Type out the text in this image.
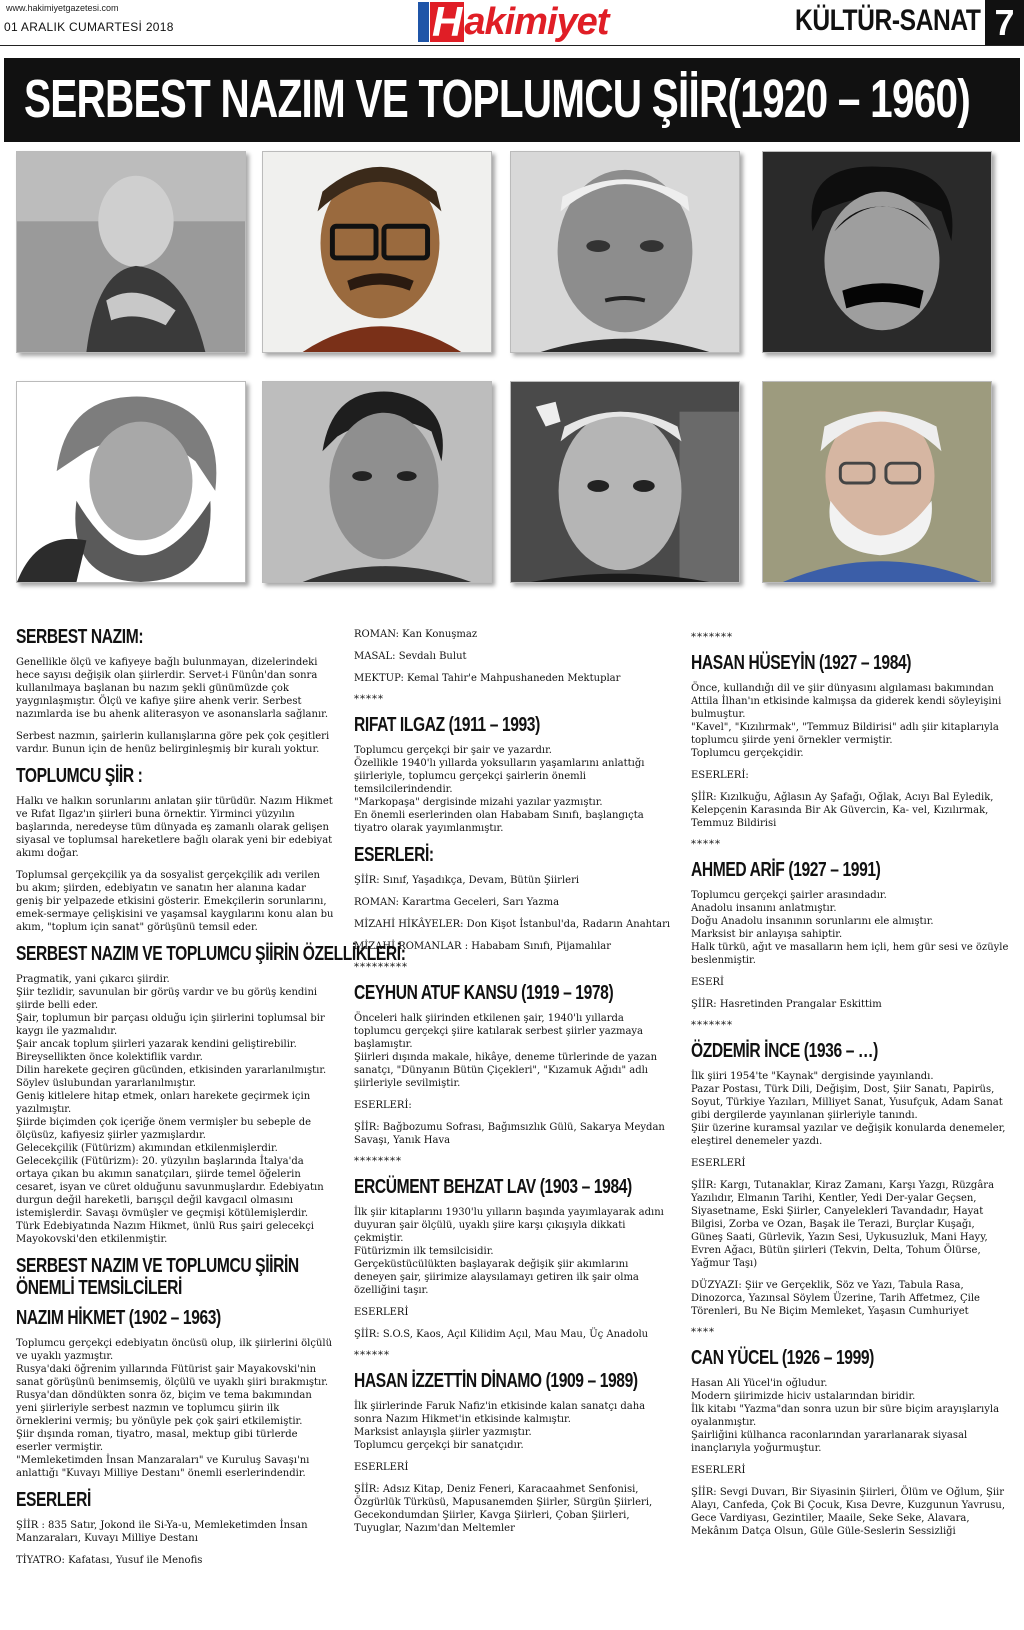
www.hakimiyetgazetesi.com
01 ARALIK CUMARTESİ 2018	H akimiyet	KÜLTÜR-SANAT 7
SERBEST NAZIM VE TOPLUMCU ŞİİR(1920 – 1960)
SERBEST NAZIM:
Genellikle ölçü ve kafiyeye bağlı bulunmayan, dizelerindeki hece sayısı değişik olan şiirlerdir. Servet-i Fünûn'dan sonra kullanılmaya başlanan bu nazım şekli günümüzde çok yaygınlaşmıştır. Ölçü ve kafiye şiire ahenk verir. Serbest nazımlarda ise bu ahenk aliterasyon ve asonanslarla sağlanır.
Serbest nazmın, şairlerin kullanışlarına göre pek çok çeşitleri vardır. Bunun için de henüz belirginleşmiş bir kuralı yoktur.
TOPLUMCU ŞİİR :
Halkı ve halkın sorunlarını anlatan şiir türüdür. Nazım Hikmet ve Rıfat Ilgaz'ın şiirleri buna örnektir. Yirminci yüzyılın başlarında, neredeyse tüm dünyada eş zamanlı olarak gelişen siyasal ve toplumsal hareketlere bağlı olarak yeni bir edebiyat akımı doğar.
Toplumsal gerçekçilik ya da sosyalist gerçekçilik adı verilen bu akım; şiirden, edebiyatın ve sanatın her alanına kadar geniş bir yelpazede etkisini gösterir. Emekçilerin sorunlarını, emek-sermaye çelişkisini ve yaşamsal kaygılarını konu alan bu akım, "toplum için sanat" görüşünü temsil eder.
SERBEST NAZIM VE TOPLUMCU ŞİİRİN ÖZELLİKLERİ:
Pragmatik, yani çıkarcı şiirdir.
Şiir tezlidir, savunulan bir görüş vardır ve bu görüş kendini şiirde belli eder.
Şair, toplumun bir parçası olduğu için şiirlerini toplumsal bir kaygı ile yazmalıdır.
Şair ancak toplum şiirleri yazarak kendini geliştirebilir.
Bireysellikten önce kolektiflik vardır.
Dilin harekete geçiren gücünden, etkisinden yararlanılmıştır.
Söylev üslubundan yararlanılmıştır.
Geniş kitlelere hitap etmek, onları harekete geçirmek için yazılmıştır.
Şiirde biçimden çok içeriğe önem vermişler bu sebeple de ölçüsüz, kafiyesiz şiirler yazmışlardır.
Gelecekçilik (Fütürizm) akımından etkilenmişlerdir.
Gelecekçilik (Fütürizm): 20. yüzyılın başlarında İtalya'da ortaya çıkan bu akımın sanatçıları, şiirde temel öğelerin cesaret, isyan ve cüret olduğunu savunmuşlardır. Edebiyatın durgun değil hareketli, barışçıl değil kavgacıl olmasını istemişlerdir. Savaşı övmüşler ve geçmişi kötülemişlerdir. Türk Edebiyatında Nazım Hikmet, ünlü Rus şairi gelecekçi Mayokovski'den etkilenmiştir.
SERBEST NAZIM VE TOPLUMCU ŞİİRİN ÖNEMLİ TEMSİLCİLERİ
NAZIM HİKMET (1902 – 1963)
Toplumcu gerçekçi edebiyatın öncüsü olup, ilk şiirlerini ölçülü ve uyaklı yazmıştır.
Rusya'daki öğrenim yıllarında Fütürist şair Mayakovski'nin sanat görüşünü benimsemiş, ölçülü ve uyaklı şiiri bırakmıştır.
Rusya'dan döndükten sonra öz, biçim ve tema bakımından yeni şiirleriyle serbest nazmın ve toplumcu şiirin ilk örneklerini vermiş; bu yönüyle pek çok şairi etkilemiştir.
Şiir dışında roman, tiyatro, masal, mektup gibi türlerde eserler vermiştir.
"Memleketimden İnsan Manzaraları" ve Kuruluş Savaşı'nı anlattığı "Kuvayı Milliye Destanı" önemli eserlerindendir.
ESERLERİ
ŞİİR : 835 Satır, Jokond ile Si-Ya-u, Memleketimden İnsan Manzaraları, Kuvayı Milliye Destanı
TİYATRO: Kafatası, Yusuf ile Menofis
ROMAN: Kan Konuşmaz
MASAL: Sevdalı Bulut
MEKTUP: Kemal Tahir'e Mahpushaneden Mektuplar
*****
RIFAT ILGAZ (1911 – 1993)
Toplumcu gerçekçi bir şair ve yazardır.
Özellikle 1940'lı yıllarda yoksulların yaşamlarını anlattığı şiirleriyle, toplumcu gerçekçi şairlerin önemli temsilcilerindendir.
"Markopaşa" dergisinde mizahi yazılar yazmıştır.
En önemli eserlerinden olan Hababam Sınıfı, başlangıçta tiyatro olarak yayımlanmıştır.
ESERLERİ:
ŞİİR: Sınıf, Yaşadıkça, Devam, Bütün Şiirleri
ROMAN: Karartma Geceleri, Sarı Yazma
MİZAHİ HİKÂYELER: Don Kişot İstanbul'da, Radarın Anahtarı
MİZAHİ ROMANLAR : Hababam Sınıfı, Pijamalılar
*********
CEYHUN ATUF KANSU (1919 – 1978)
Önceleri halk şiirinden etkilenen şair, 1940'lı yıllarda toplumcu gerçekçi şiire katılarak serbest şiirler yazmaya başlamıştır.
Şiirleri dışında makale, hikâye, deneme türlerinde de yazan sanatçı, "Dünyanın Bütün Çiçekleri", "Kızamuk Ağıdı" adlı şiirleriyle sevilmiştir.
ESERLERİ:
ŞİİR: Bağbozumu Sofrası, Bağımsızlık Gülü, Sakarya Meydan Savaşı, Yanık Hava
********
ERCÜMENT BEHZAT LAV (1903 – 1984)
İlk şiir kitaplarını 1930'lu yılların başında yayımlayarak adını duyuran şair ölçülü, uyaklı şiire karşı çıkışıyla dikkati çekmiştir.
Fütürizmin ilk temsilcisidir.
Gerçeküstücülükten başlayarak değişik şiir akımlarını deneyen şair, şiirimize alaysılamayı getiren ilk şair olma özelliğini taşır.
ESERLERİ
ŞİİR: S.O.S, Kaos, Açıl Kilidim Açıl, Mau Mau, Üç Anadolu
******
HASAN İZZETTİN DİNAMO (1909 – 1989)
İlk şiirlerinde Faruk Nafiz'in etkisinde kalan sanatçı daha sonra Nazım Hikmet'in etkisinde kalmıştır.
Marksist anlayışla şiirler yazmıştır.
Toplumcu gerçekçi bir sanatçıdır.
ESERLERİ
ŞİİR: Adsız Kitap, Deniz Feneri, Karacaahmet Senfonisi, Özgürlük Türküsü, Mapusanemden Şiirler, Sürgün Şiirleri, Gecekondumdan Şiirler, Kavga Şiirleri, Çoban Şiirleri, Tuyuglar, Nazım'dan Meltemler
*******
HASAN HÜSEYİN (1927 – 1984)
Önce, kullandığı dil ve şiir dünyasını algılaması bakımından Attila İlhan'ın etkisinde kalmışsa da giderek kendi söyleyişini bulmuştur.
"Kavel", "Kızılırmak", "Temmuz Bildirisi" adlı şiir kitaplarıyla toplumcu şiirde yeni örnekler vermiştir.
Toplumcu gerçekçidir.
ESERLERİ:
ŞİİR: Kızılkuğu, Ağlasın Ay Şafağı, Oğlak, Acıyı Bal Eyledik, Kelepçenin Karasında Bir Ak Güvercin, Ka- vel, Kızılırmak, Temmuz Bildirisi
*****
AHMED ARİF (1927 – 1991)
Toplumcu gerçekçi şairler arasındadır.
Anadolu insanını anlatmıştır.
Doğu Anadolu insanının sorunlarını ele almıştır.
Marksist bir anlayışa sahiptir.
Halk türkü, ağıt ve masalların hem içli, hem gür sesi ve özüyle beslenmiştir.
ESERİ
ŞİİR: Hasretinden Prangalar Eskittim
*******
ÖZDEMİR İNCE (1936 – …)
İlk şiiri 1954'te "Kaynak" dergisinde yayınlandı.
Pazar Postası, Türk Dili, Değişim, Dost, Şiir Sanatı, Papirüs, Soyut, Türkiye Yazıları, Milliyet Sanat, Yusufçuk, Adam Sanat gibi dergilerde yayınlanan şiirleriyle tanındı.
Şiir üzerine kuramsal yazılar ve değişik konularda denemeler, eleştirel denemeler yazdı.
ESERLERİ
ŞİİR: Kargı, Tutanaklar, Kiraz Zamanı, Karşı Yazgı, Rüzgâra Yazılıdır, Elmanın Tarihi, Kentler, Yedi Der-yalar Geçsen, Siyasetname, Eski Şiirler, Canyelekleri Tavandadır, Hayat Bilgisi, Zorba ve Ozan, Başak ile Terazi, Burçlar Kuşağı, Güneş Saati, Gürlevik, Yazın Sesi, Uykusuzluk, Mani Hayy, Evren Ağacı, Bütün şiirleri (Tekvin, Delta, Tohum Ölürse, Yağmur Taşı)
DÜZYAZI: Şiir ve Gerçeklik, Söz ve Yazı, Tabula Rasa, Dinozorca, Yazınsal Söylem Üzerine, Tarih Affetmez, Çile Törenleri, Bu Ne Biçim Memleket, Yaşasın Cumhuriyet
****
CAN YÜCEL (1926 – 1999)
Hasan Ali Yücel'in oğludur.
Modern şiirimizde hiciv ustalarından biridir.
İlk kitabı "Yazma"dan sonra uzun bir süre biçim arayışlarıyla oyalanmıştır.
Şairliğini külhanca raconlarından yararlanarak siyasal inançlarıyla yoğurmuştur.
ESERLERİ
ŞİİR: Sevgi Duvarı, Bir Siyasinin Şiirleri, Ölüm ve Oğlum, Şiir Alayı, Canfeda, Çok Bi Çocuk, Kısa Devre, Kuzgunun Yavrusu, Gece Vardiyası, Gezintiler, Maaile, Seke Seke, Alavara, Mekânım Datça Olsun, Güle Güle-Seslerin Sessizliği
